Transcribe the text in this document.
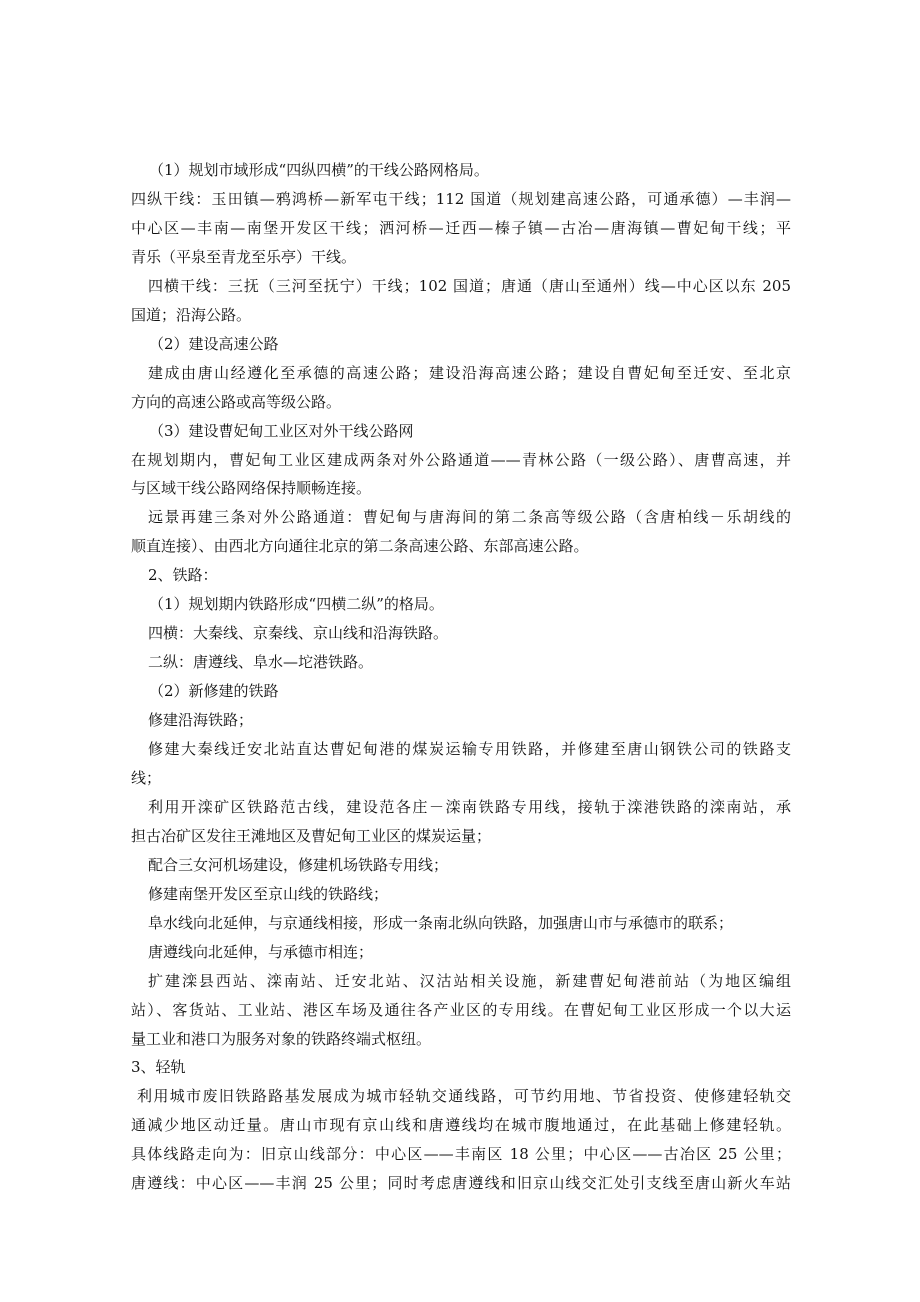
（1）规划市域形成“四纵四横”的干线公路网格局。
四纵干线：玉田镇—鸦鸿桥—新军屯干线；112 国道（规划建高速公路，可通承德）—丰润—
中心区—丰南—南堡开发区干线；洒河桥—迁西—榛子镇—古冶—唐海镇—曹妃甸干线；平
青乐（平泉至青龙至乐亭）干线。
四横干线：三抚（三河至抚宁）干线；102 国道；唐通（唐山至通州）线—中心区以东 205
国道；沿海公路。
（2）建设高速公路
建成由唐山经遵化至承德的高速公路；建设沿海高速公路；建设自曹妃甸至迁安、至北京
方向的高速公路或高等级公路。
（3）建设曹妃甸工业区对外干线公路网
在规划期内，曹妃甸工业区建成两条对外公路通道——青林公路（一级公路）、唐曹高速，并
与区域干线公路网络保持顺畅连接。
远景再建三条对外公路通道：曹妃甸与唐海间的第二条高等级公路（含唐柏线－乐胡线的
顺直连接）、由西北方向通往北京的第二条高速公路、东部高速公路。
2、铁路：
（1）规划期内铁路形成“四横二纵”的格局。
四横：大秦线、京秦线、京山线和沿海铁路。
二纵：唐遵线、阜水—坨港铁路。
（2）新修建的铁路
修建沿海铁路；
修建大秦线迁安北站直达曹妃甸港的煤炭运输专用铁路，并修建至唐山钢铁公司的铁路支
线；
利用开滦矿区铁路范古线，建设范各庄－滦南铁路专用线，接轨于滦港铁路的滦南站，承
担古冶矿区发往王滩地区及曹妃甸工业区的煤炭运量；
配合三女河机场建设，修建机场铁路专用线；
修建南堡开发区至京山线的铁路线；
阜水线向北延伸，与京通线相接，形成一条南北纵向铁路，加强唐山市与承德市的联系；
唐遵线向北延伸，与承德市相连；
扩建滦县西站、滦南站、迁安北站、汉沽站相关设施，新建曹妃甸港前站（为地区编组
站）、客货站、工业站、港区车场及通往各产业区的专用线。在曹妃甸工业区形成一个以大运
量工业和港口为服务对象的铁路终端式枢纽。
3、轻轨
利用城市废旧铁路路基发展成为城市轻轨交通线路，可节约用地、节省投资、使修建轻轨交
通减少地区动迁量。唐山市现有京山线和唐遵线均在城市腹地通过，在此基础上修建轻轨。
具体线路走向为：旧京山线部分：中心区——丰南区 18 公里；中心区——古冶区 25 公里；
唐遵线：中心区——丰润 25 公里；同时考虑唐遵线和旧京山线交汇处引支线至唐山新火车站
